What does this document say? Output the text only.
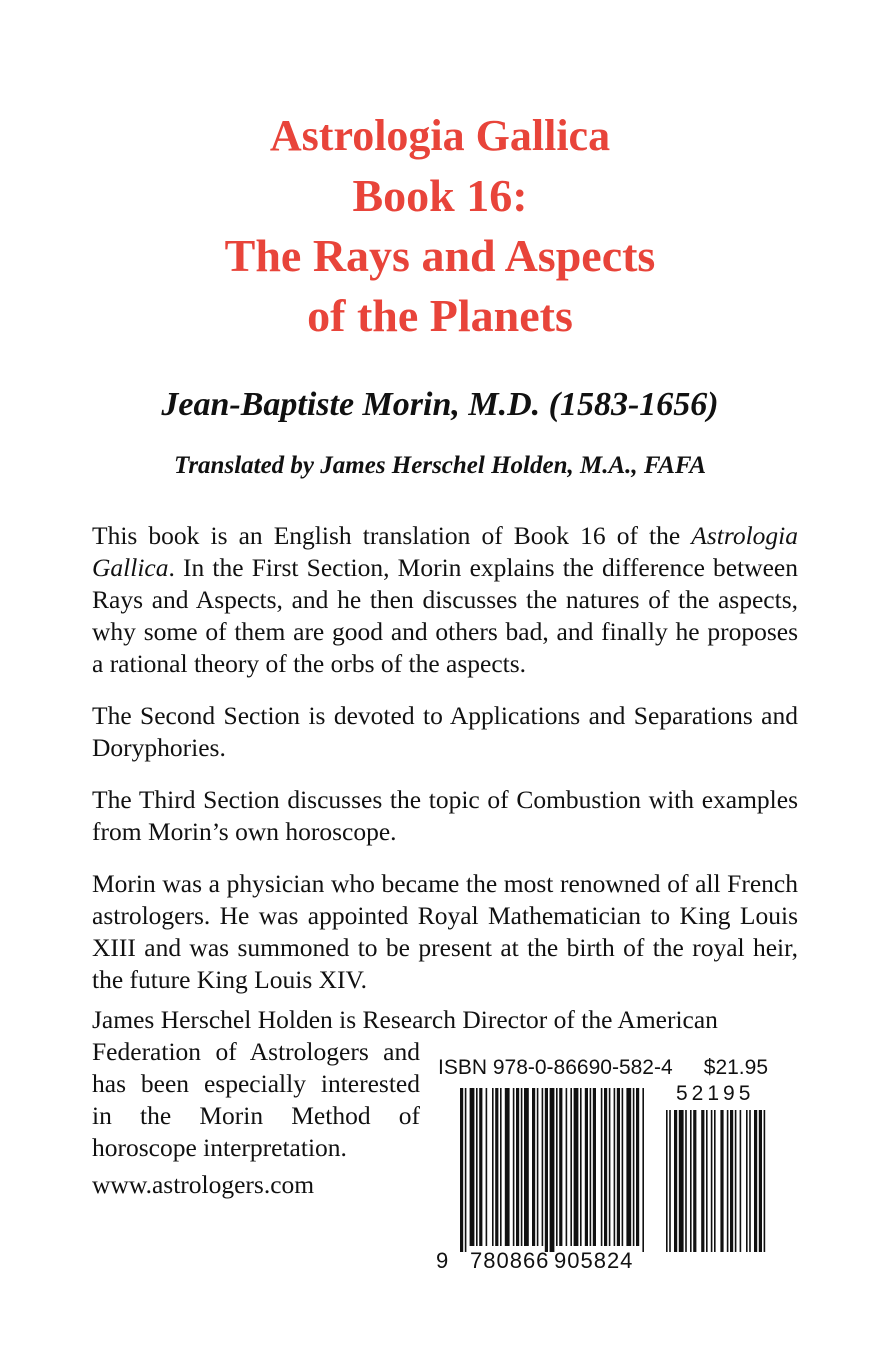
Astrologia Gallica
Book 16:
The Rays and Aspects
of the Planets
Jean-Baptiste Morin, M.D. (1583-1656)
Translated by James Herschel Holden, M.A., FAFA

This book is an English translation of Book 16 of the Astrologia Gallica. In the First Section, Morin explains the difference between Rays and Aspects, and he then discusses the natures of the aspects, why some of them are good and others bad, and finally he proposes a rational theory of the orbs of the aspects.

The Second Section is devoted to Applications and Separations and Doryphories.

The Third Section discusses the topic of Combustion with examples from Morin’s own horoscope.

Morin was a physician who became the most renowned of all French astrologers. He was appointed Royal Mathematician to King Louis XIII and was summoned to be present at the birth of the royal heir, the future King Louis XIV.

James Herschel Holden is Research Director of the American
Federation of Astrologers and has been especially interested in the Morin Method of horoscope interpretation.
www.astrologers.com
ISBN 978-0-86690-582-4 $21.95
52195
9 780866 905824
